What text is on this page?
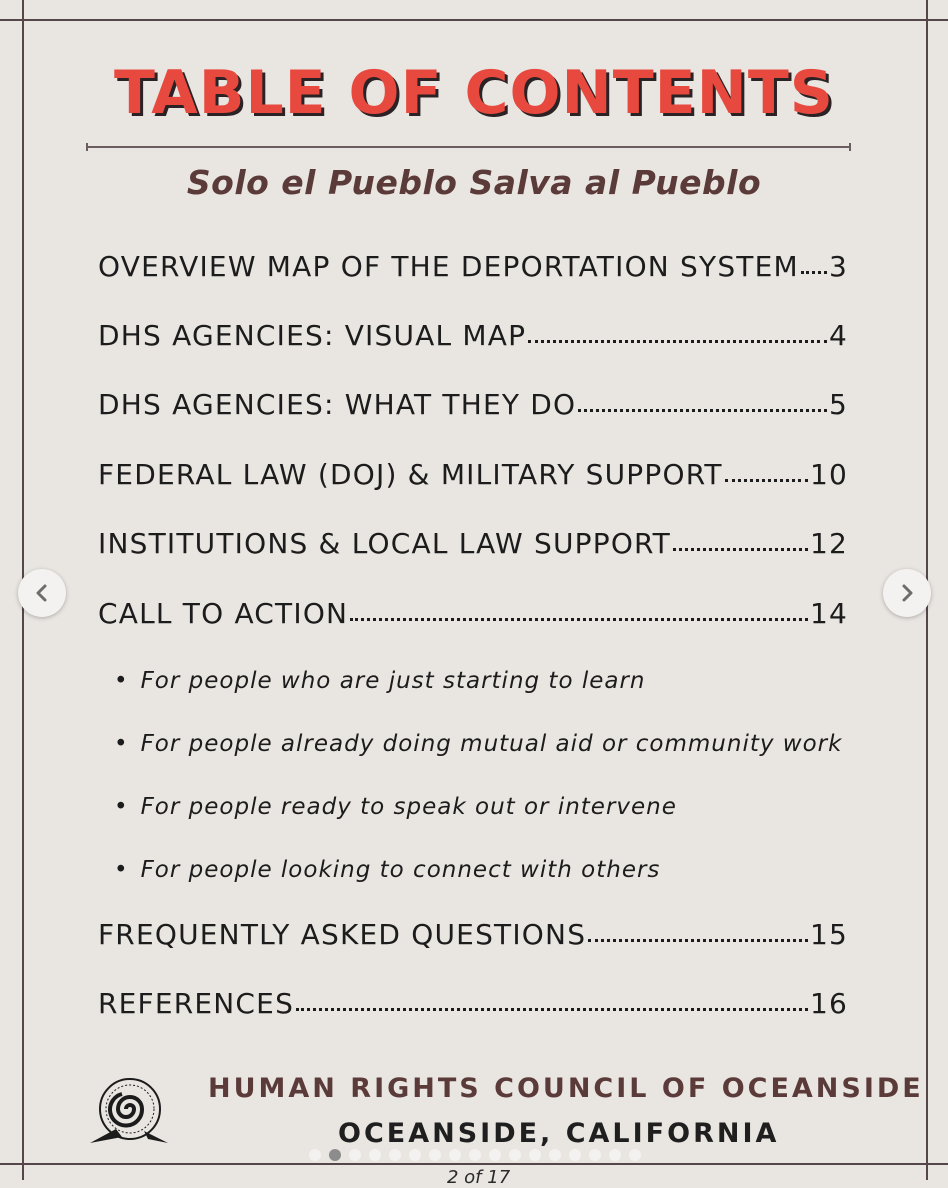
TABLE OF CONTENTS
Solo el Pueblo Salva al Pueblo
OVERVIEW MAP OF THE DEPORTATION SYSTEM 3
DHS AGENCIES: VISUAL MAP	4
DHS AGENCIES: WHAT THEY DO	5
FEDERAL LAW (DOJ) & MILITARY SUPPORT	10
INSTITUTIONS & LOCAL LAW SUPPORT	12
CALL TO ACTION	14
FREQUENTLY ASKED QUESTIONS	15
REFERENCES	16
• For people who are just starting to learn
• For people already doing mutual aid or community work
• For people ready to speak out or intervene
• For people looking to connect with others
HUMAN RIGHTS COUNCIL OF OCEANSIDE
OCEANSIDE, CALIFORNIA
2 of 17
